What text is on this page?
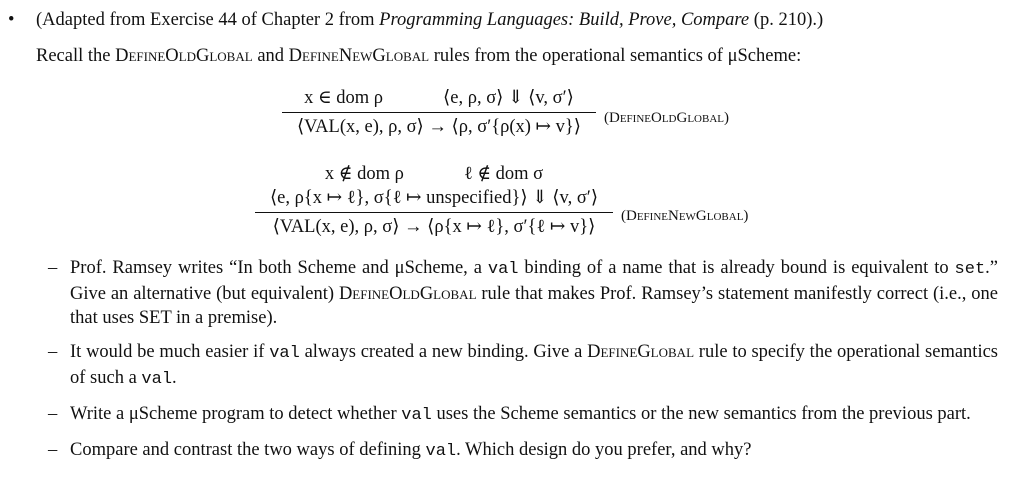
•	(Adapted from Exercise 44 of Chapter 2 from Programming Languages: Build, Prove, Compare (p. 210).)
Recall the DefineOldGlobal and DefineNewGlobal rules from the operational semantics of μScheme:
x ∈ dom ρ	⟨e, ρ, σ⟩ ⇓ ⟨v, σ′⟩
⟨VAL(x, e), ρ, σ⟩ → ⟨ρ, σ′{ρ(x) ↦ v}⟩	(DefineOldGlobal)
x ∉ dom ρ	ℓ ∉ dom σ
⟨e, ρ{x ↦ ℓ}, σ{ℓ ↦ unspecified}⟩ ⇓ ⟨v, σ′⟩
⟨VAL(x, e), ρ, σ⟩ → ⟨ρ{x ↦ ℓ}, σ′{ℓ ↦ v}⟩
(DefineNewGlobal)
– Prof. Ramsey writes “In both Scheme and μScheme, a val binding of a name that is already bound is equivalent to set.” Give an alternative (but equivalent) DefineOldGlobal rule that makes Prof. Ramsey’s statement manifestly correct (i.e., one that uses SET in a premise).
– It would be much easier if val always created a new binding. Give a DefineGlobal rule to specify the operational semantics of such a val.
– Write a μScheme program to detect whether val uses the Scheme semantics or the new semantics from the previous part.
– Compare and contrast the two ways of defining val. Which design do you prefer, and why?
